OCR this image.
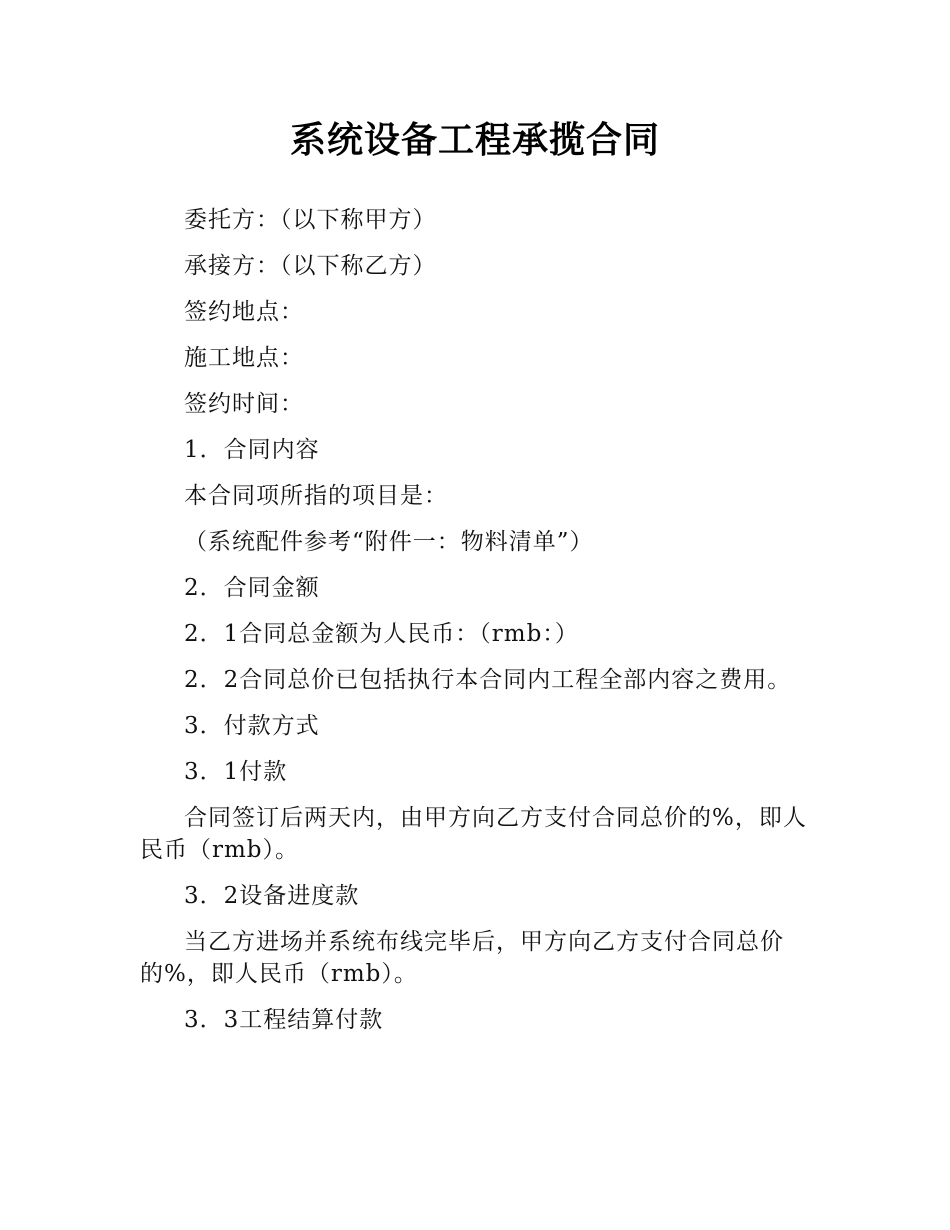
系统设备工程承揽合同

委托方：（以下称甲方）

承接方：（以下称乙方）

签约地点：

施工地点：

签约时间：

1．合同内容

本合同项所指的项目是：

（系统配件参考“附件一：物料清单”）

2．合同金额

2．1合同总金额为人民币：（rmb：）

2．2合同总价已包括执行本合同内工程全部内容之费用。

3．付款方式

3．1付款

合同签订后两天内，由甲方向乙方支付合同总价的%，即人民币（rmb）。

3．2设备进度款

当乙方进场并系统布线完毕后，甲方向乙方支付合同总价的%，即人民币（rmb）。

3．3工程结算付款
